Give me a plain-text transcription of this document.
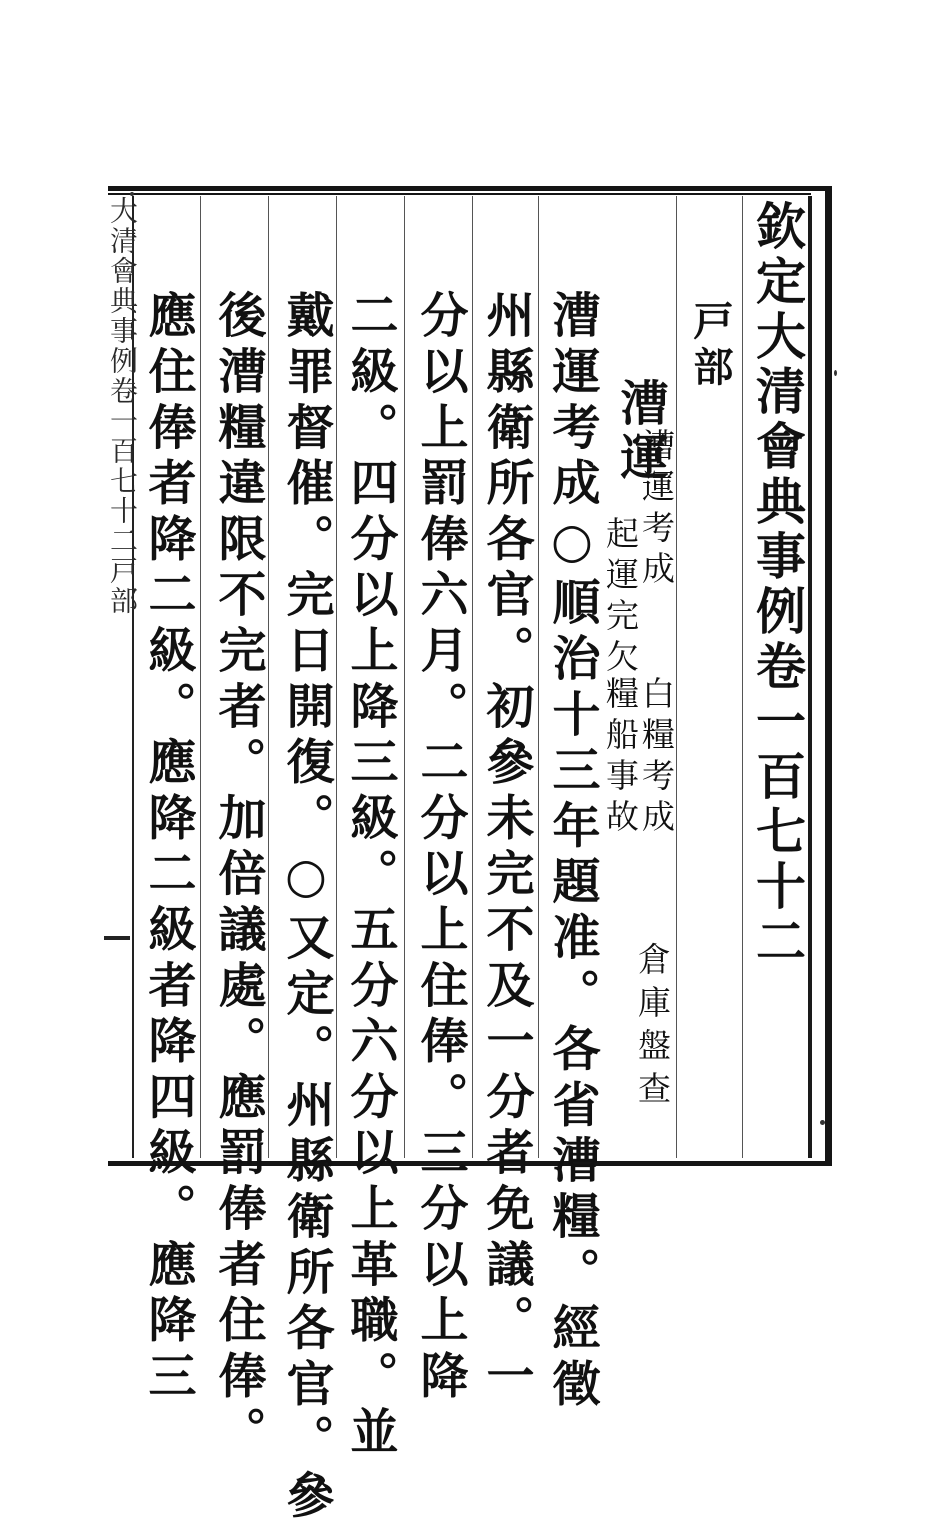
欽定大清會典事例卷一百七十二
戸部
漕運
漕運考成
起運完欠
白糧考成
糧船事故
倉庫盤查
漕運考成○順治十三年題准。各省漕糧。經徵
州縣衛所各官。初參未完不及一分者免議。一
分以上罰俸六月。二分以上住俸。三分以上降
二級。四分以上降三級。五分六分以上革職。並
戴罪督催。完日開復。○又定。州縣衛所各官。參
後漕糧違限不完者。加倍議處。應罰俸者住俸。
應住俸者降二級。應降二級者降四級。應降三
大清會典事例卷一百七十二戸部
